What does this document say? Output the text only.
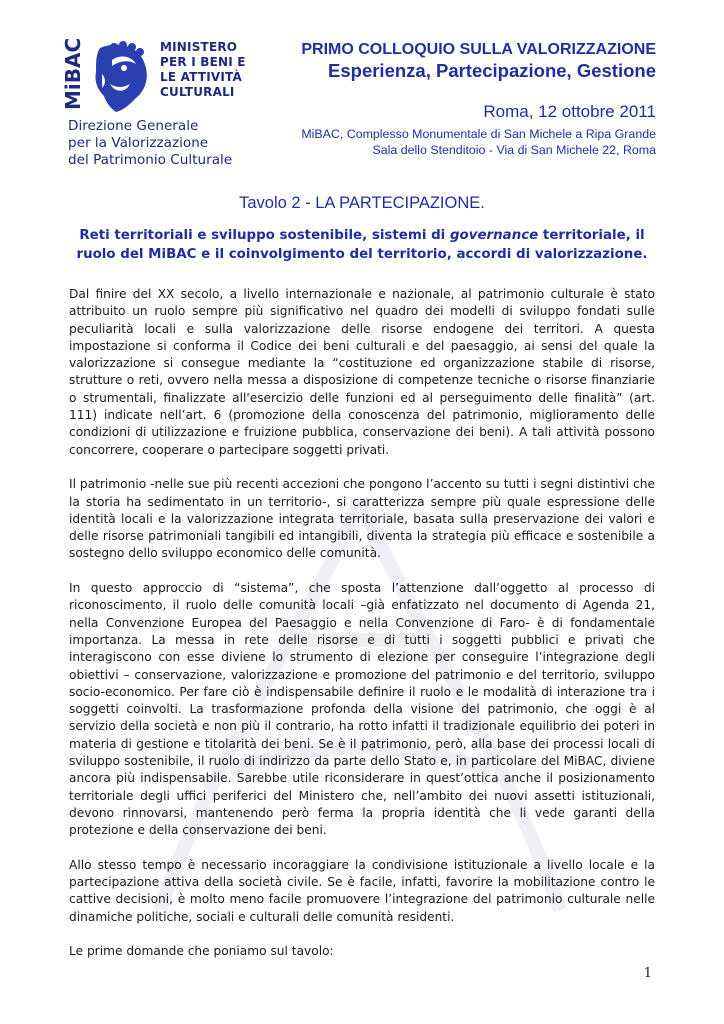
MiBAC	MINISTERO
PER I BENI E
LE ATTIVITÀ
CULTURALI
Direzione Generale
per la Valorizzazione
del Patrimonio Culturale
PRIMO COLLOQUIO SULLA VALORIZZAZIONE
Esperienza, Partecipazione, Gestione
Roma, 12 ottobre 2011
MiBAC, Complesso Monumentale di San Michele a Ripa Grande
Sala dello Stenditoio - Via di San Michele 22, Roma
Tavolo 2 - LA PARTECIPAZIONE.
Reti territoriali e sviluppo sostenibile, sistemi di governance territoriale, il
ruolo del MiBAC e il coinvolgimento del territorio, accordi di valorizzazione.

Dal finire del XX secolo, a livello internazionale e nazionale, al patrimonio culturale è stato attribuito un ruolo sempre più significativo nel quadro dei modelli di sviluppo fondati sulle peculiarità locali e sulla valorizzazione delle risorse endogene dei territori. A questa impostazione si conforma il Codice dei beni culturali e del paesaggio, ai sensi del quale la valorizzazione si consegue mediante la “costituzione ed organizzazione stabile di risorse, strutture o reti, ovvero nella messa a disposizione di competenze tecniche o risorse finanziarie o strumentali, finalizzate all'esercizio delle funzioni ed al perseguimento delle finalità” (art. 111) indicate nell’art. 6 (promozione della conoscenza del patrimonio, miglioramento delle condizioni di utilizzazione e fruizione pubblica, conservazione dei beni). A tali attività possono concorrere, cooperare o partecipare soggetti privati.

Il patrimonio -nelle sue più recenti accezioni che pongono l’accento su tutti i segni distintivi che la storia ha sedimentato in un territorio-, si caratterizza sempre più quale espressione delle identità locali e la valorizzazione integrata territoriale, basata sulla preservazione dei valori e delle risorse patrimoniali tangibili ed intangibili, diventa la strategia più efficace e sostenibile a sostegno dello sviluppo economico delle comunità.

In questo approccio di “sistema”, che sposta l’attenzione dall’oggetto al processo di riconoscimento, il ruolo delle comunità locali –già enfatizzato nel documento di Agenda 21, nella Convenzione Europea del Paesaggio e nella Convenzione di Faro- è di fondamentale importanza. La messa in rete delle risorse e di tutti i soggetti pubblici e privati che interagiscono con esse diviene lo strumento di elezione per conseguire l’integrazione degli obiettivi – conservazione, valorizzazione e promozione del patrimonio e del territorio, sviluppo socio-economico. Per fare ciò è indispensabile definire il ruolo e le modalità di interazione tra i soggetti coinvolti. La trasformazione profonda della visione del patrimonio, che oggi è al servizio della società e non più il contrario, ha rotto infatti il tradizionale equilibrio dei poteri in materia di gestione e titolarità dei beni. Se è il patrimonio, però, alla base dei processi locali di sviluppo sostenibile, il ruolo di indirizzo da parte dello Stato e, in particolare del MiBAC, diviene ancora più indispensabile. Sarebbe utile riconsiderare in quest’ottica anche il posizionamento territoriale degli uffici periferici del Ministero che, nell’ambito dei nuovi assetti istituzionali, devono rinnovarsi, mantenendo però ferma la propria identità che li vede garanti della protezione e della conservazione dei beni.

Allo stesso tempo è necessario incoraggiare la condivisione istituzionale a livello locale e la partecipazione attiva della società civile. Se è facile, infatti, favorire la mobilitazione contro le cattive decisioni, è molto meno facile promuovere l’integrazione del patrimonio culturale nelle dinamiche politiche, sociali e culturali delle comunità residenti.

Le prime domande che poniamo sul tavolo:

1
